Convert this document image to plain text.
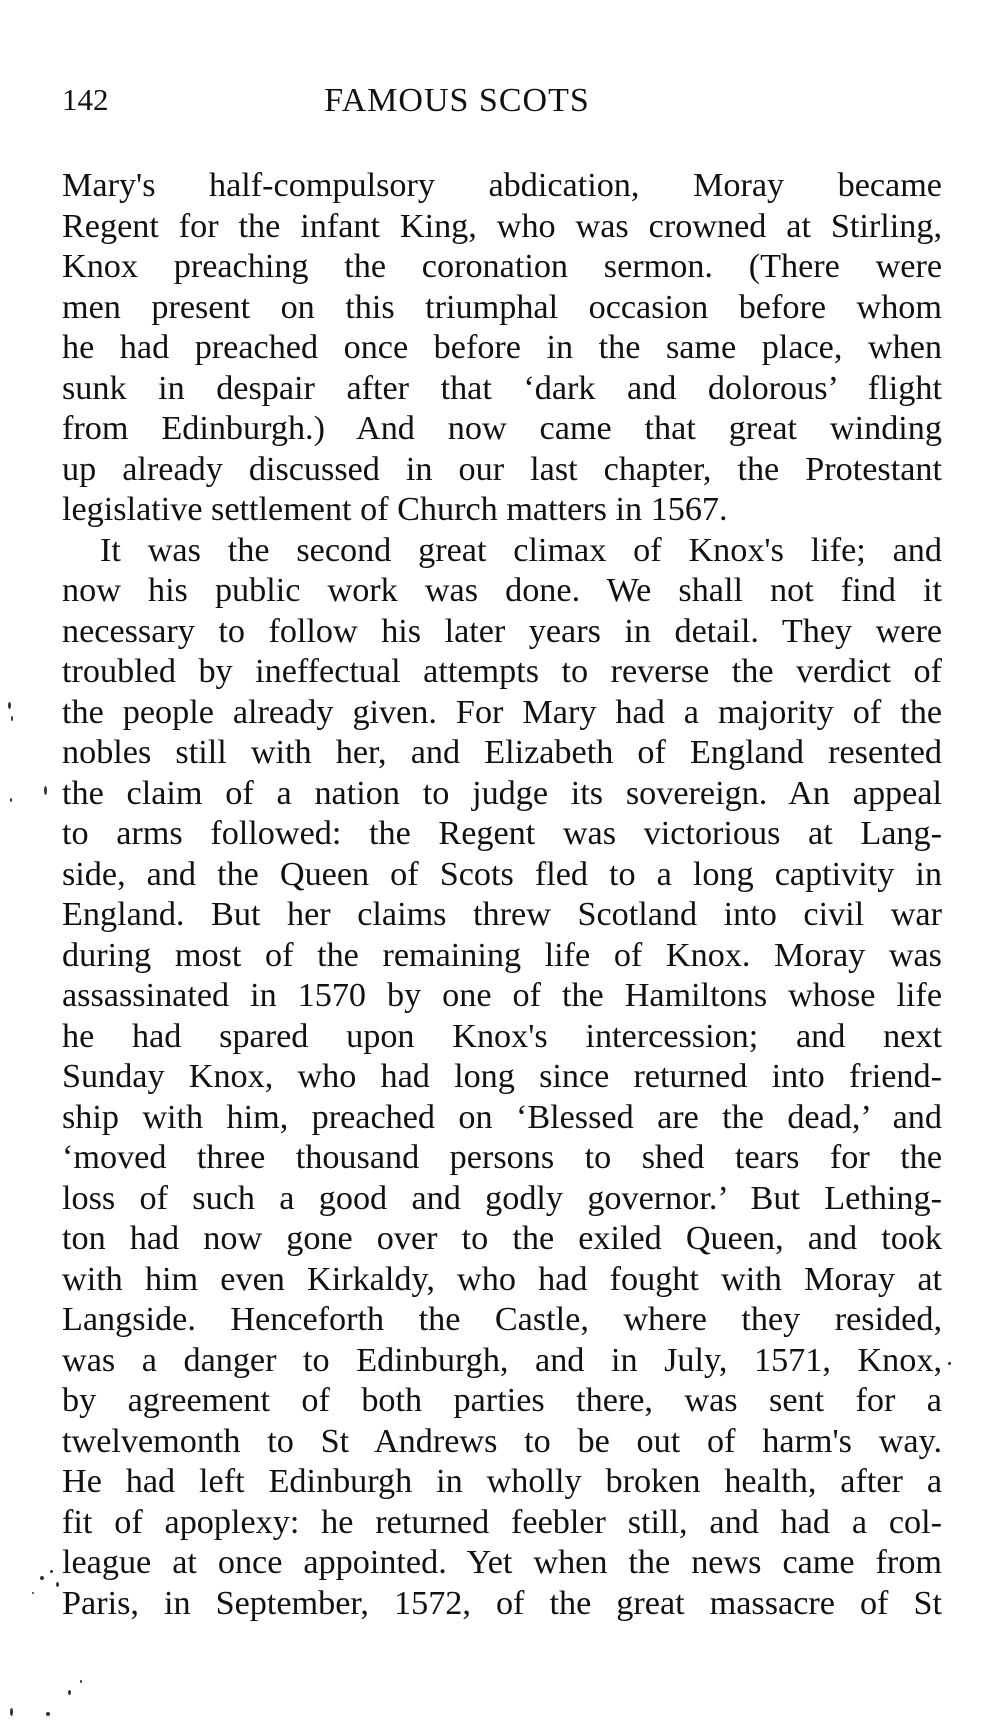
142	FAMOUS SCOTS
Mary's half-compulsory abdication, Moray became
Regent for the infant King, who was crowned at Stirling,
Knox preaching the coronation sermon. (There were
men present on this triumphal occasion before whom
he had preached once before in the same place, when
sunk in despair after that ‘dark and dolorous’ flight
from Edinburgh.) And now came that great winding
up already discussed in our last chapter, the Protestant
legislative settlement of Church matters in 1567.
It was the second great climax of Knox's life; and
now his public work was done. We shall not find it
necessary to follow his later years in detail. They were
troubled by ineffectual attempts to reverse the verdict of
the people already given. For Mary had a majority of the
nobles still with her, and Elizabeth of England resented
the claim of a nation to judge its sovereign. An appeal
to arms followed: the Regent was victorious at Lang-
side, and the Queen of Scots fled to a long captivity in
England. But her claims threw Scotland into civil war
during most of the remaining life of Knox. Moray was
assassinated in 1570 by one of the Hamiltons whose life
he had spared upon Knox's intercession; and next
Sunday Knox, who had long since returned into friend-
ship with him, preached on ‘Blessed are the dead,’ and
‘moved three thousand persons to shed tears for the
loss of such a good and godly governor.’ But Lething-
ton had now gone over to the exiled Queen, and took
with him even Kirkaldy, who had fought with Moray at
Langside. Henceforth the Castle, where they resided,
was a danger to Edinburgh, and in July, 1571, Knox,
by agreement of both parties there, was sent for a
twelvemonth to St Andrews to be out of harm's way.
He had left Edinburgh in wholly broken health, after a
fit of apoplexy: he returned feebler still, and had a col-
league at once appointed. Yet when the news came from
Paris, in September, 1572, of the great massacre of St
